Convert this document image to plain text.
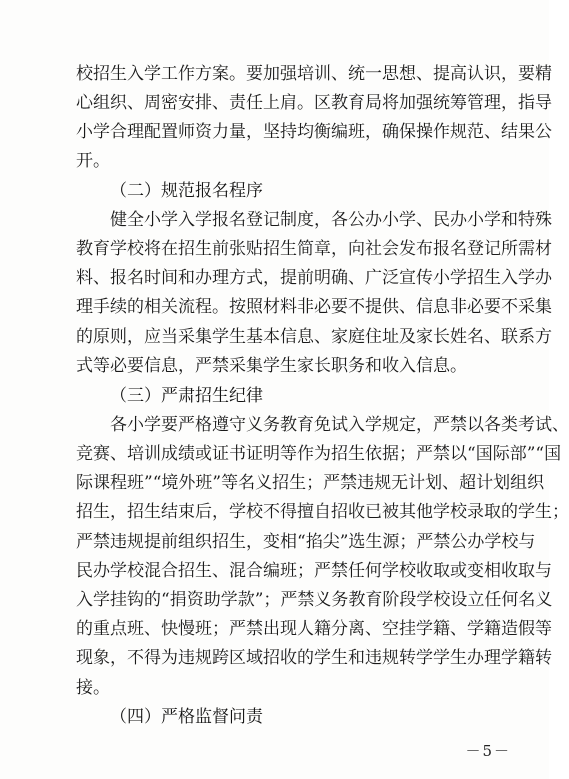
校招生入学工作方案。要加强培训、统一思想、提高认识，要精
心组织、周密安排、责任上肩。区教育局将加强统筹管理，指导
小学合理配置师资力量，坚持均衡编班，确保操作规范、结果公
开。
（二）规范报名程序
健全小学入学报名登记制度，各公办小学、民办小学和特殊
教育学校将在招生前张贴招生简章，向社会发布报名登记所需材
料、报名时间和办理方式，提前明确、广泛宣传小学招生入学办
理手续的相关流程。按照材料非必要不提供、信息非必要不采集
的原则，应当采集学生基本信息、家庭住址及家长姓名、联系方
式等必要信息，严禁采集学生家长职务和收入信息。
（三）严肃招生纪律
各小学要严格遵守义务教育免试入学规定，严禁以各类考试、
竞赛、培训成绩或证书证明等作为招生依据；严禁以“国际部”“国
际课程班”“境外班”等名义招生；严禁违规无计划、超计划组织
招生，招生结束后，学校不得擅自招收已被其他学校录取的学生；
严禁违规提前组织招生，变相“掐尖”选生源；严禁公办学校与
民办学校混合招生、混合编班；严禁任何学校收取或变相收取与
入学挂钩的“捐资助学款”；严禁义务教育阶段学校设立任何名义
的重点班、快慢班；严禁出现人籍分离、空挂学籍、学籍造假等
现象，不得为违规跨区域招收的学生和违规转学学生办理学籍转
接。
（四）严格监督问责
－5－
